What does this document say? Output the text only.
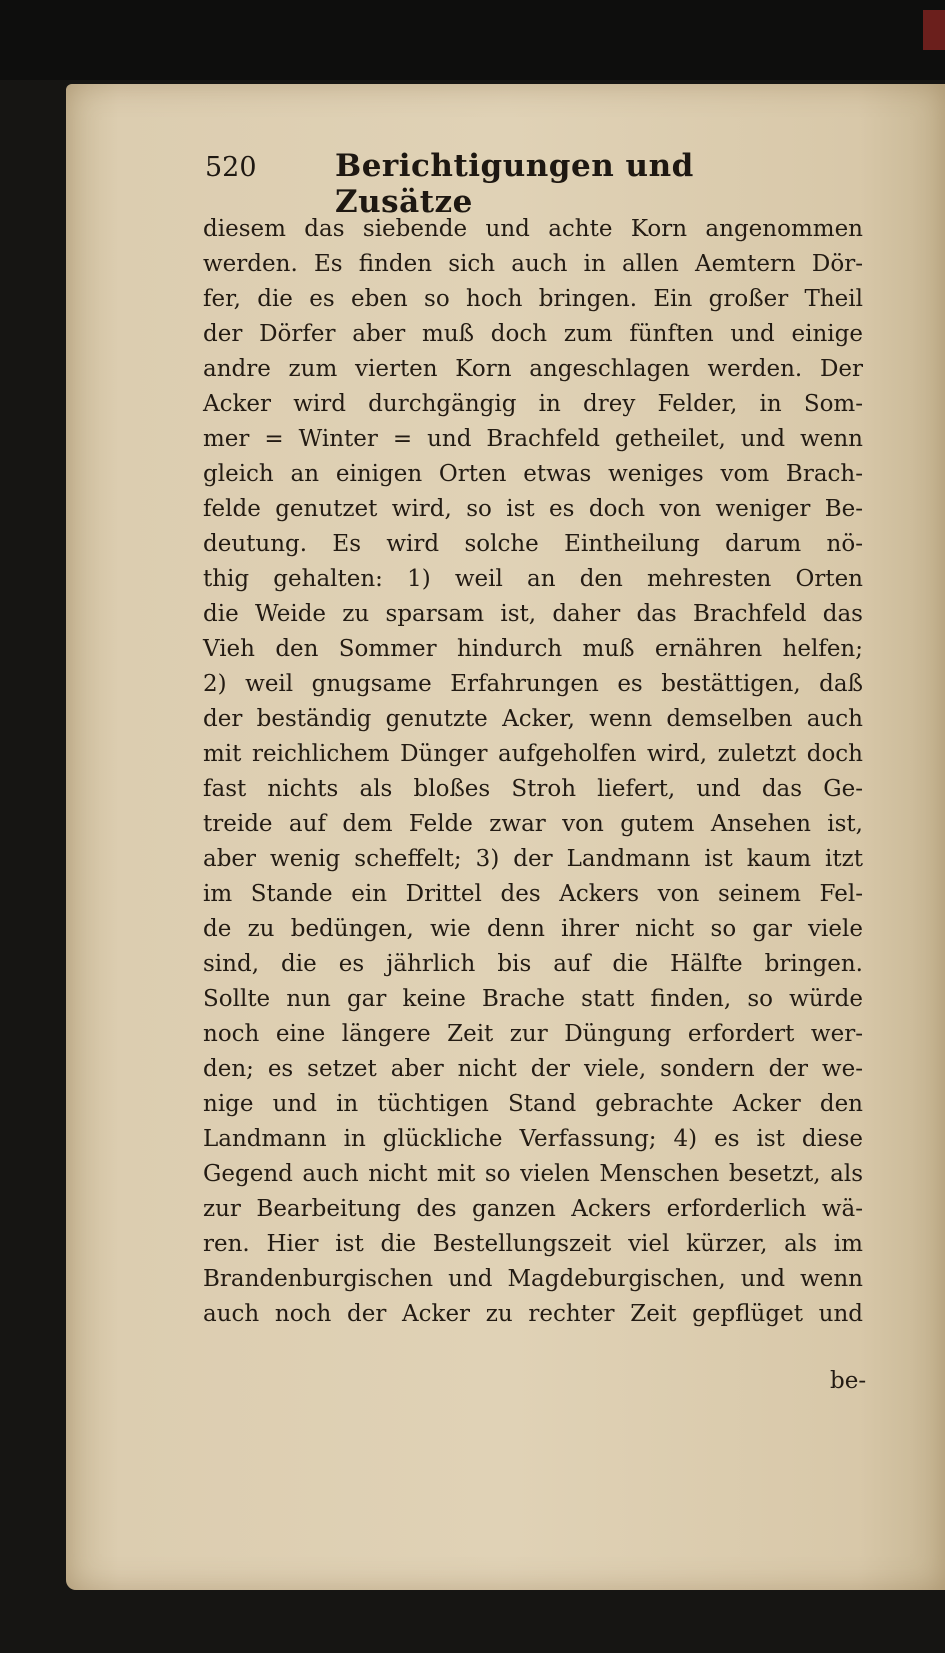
520	Berichtigungen und Zusätze
diesem das siebende und achte Korn angenommen
werden. Es finden sich auch in allen Aemtern Dör-
fer, die es eben so hoch bringen. Ein großer Theil
der Dörfer aber muß doch zum fünften und einige
andre zum vierten Korn angeschlagen werden. Der
Acker wird durchgängig in drey Felder, in Som-
mer = Winter = und Brachfeld getheilet, und wenn
gleich an einigen Orten etwas weniges vom Brach-
felde genutzet wird, so ist es doch von weniger Be-
deutung. Es wird solche Eintheilung darum nö-
thig gehalten: 1) weil an den mehresten Orten
die Weide zu sparsam ist, daher das Brachfeld das
Vieh den Sommer hindurch muß ernähren helfen;
2) weil gnugsame Erfahrungen es bestättigen, daß
der beständig genutzte Acker, wenn demselben auch
mit reichlichem Dünger aufgeholfen wird, zuletzt doch
fast nichts als bloßes Stroh liefert, und das Ge-
treide auf dem Felde zwar von gutem Ansehen ist,
aber wenig scheffelt; 3) der Landmann ist kaum itzt
im Stande ein Drittel des Ackers von seinem Fel-
de zu bedüngen, wie denn ihrer nicht so gar viele
sind, die es jährlich bis auf die Hälfte bringen.
Sollte nun gar keine Brache statt finden, so würde
noch eine längere Zeit zur Düngung erfordert wer-
den; es setzet aber nicht der viele, sondern der we-
nige und in tüchtigen Stand gebrachte Acker den
Landmann in glückliche Verfassung; 4) es ist diese
Gegend auch nicht mit so vielen Menschen besetzt, als
zur Bearbeitung des ganzen Ackers erforderlich wä-
ren. Hier ist die Bestellungszeit viel kürzer, als im
Brandenburgischen und Magdeburgischen, und wenn
auch noch der Acker zu rechter Zeit gepflüget und
be-
